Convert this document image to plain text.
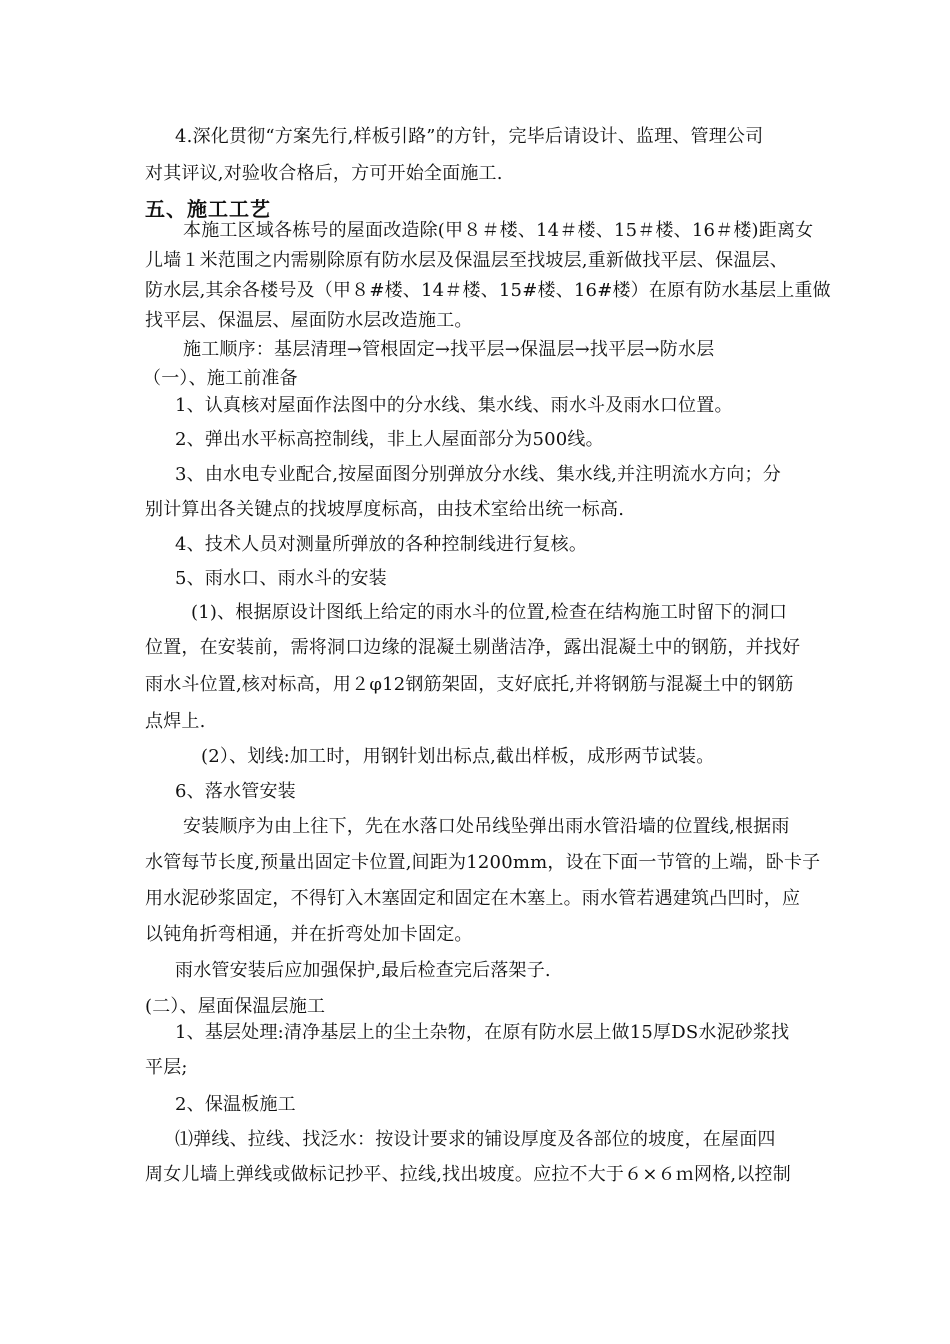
4.深化贯彻“方案先行,样板引路”的方针，完毕后请设计、监理、管理公司
对其评议,对验收合格后，方可开始全面施工.
五、施工工艺
本施工区域各栋号的屋面改造除(甲８＃楼、14＃楼、15＃楼、16＃楼)距离女
儿墙１米范围之内需剔除原有防水层及保温层至找坡层,重新做找平层、保温层、
防水层,其余各楼号及（甲８#楼、14＃楼、15#楼、16#楼）在原有防水基层上重做
找平层、保温层、屋面防水层改造施工。
施工顺序：基层清理→管根固定→找平层→保温层→找平层→防水层
（一）、施工前准备
1、认真核对屋面作法图中的分水线、集水线、雨水斗及雨水口位置。
2、弹出水平标高控制线，非上人屋面部分为500线。
3、由水电专业配合,按屋面图分别弹放分水线、集水线,并注明流水方向；分
别计算出各关键点的找坡厚度标高，由技术室给出统一标高.
4、技术人员对测量所弹放的各种控制线进行复核。
5、雨水口、雨水斗的安装
(1)、根据原设计图纸上给定的雨水斗的位置,检查在结构施工时留下的洞口
位置，在安装前，需将洞口边缘的混凝土剔凿洁净，露出混凝土中的钢筋，并找好
雨水斗位置,核对标高，用２φ12钢筋架固，支好底托,并将钢筋与混凝土中的钢筋
点焊上.
(2）、划线:加工时，用钢针划出标点,截出样板，成形两节试装。
6、落水管安装
安装顺序为由上往下，先在水落口处吊线坠弹出雨水管沿墙的位置线,根据雨
水管每节长度,预量出固定卡位置,间距为1200mm，设在下面一节管的上端，卧卡子
用水泥砂浆固定，不得钉入木塞固定和固定在木塞上。雨水管若遇建筑凸凹时，应
以钝角折弯相通，并在折弯处加卡固定。
雨水管安装后应加强保护,最后检查完后落架子.
(二）、屋面保温层施工
1、基层处理:清净基层上的尘土杂物，在原有防水层上做15厚DS水泥砂浆找
平层;
2、保温板施工
⑴弹线、拉线、找泛水：按设计要求的铺设厚度及各部位的坡度，在屋面四
周女儿墙上弹线或做标记抄平、拉线,找出坡度。应拉不大于６×６ｍ网格,以控制
